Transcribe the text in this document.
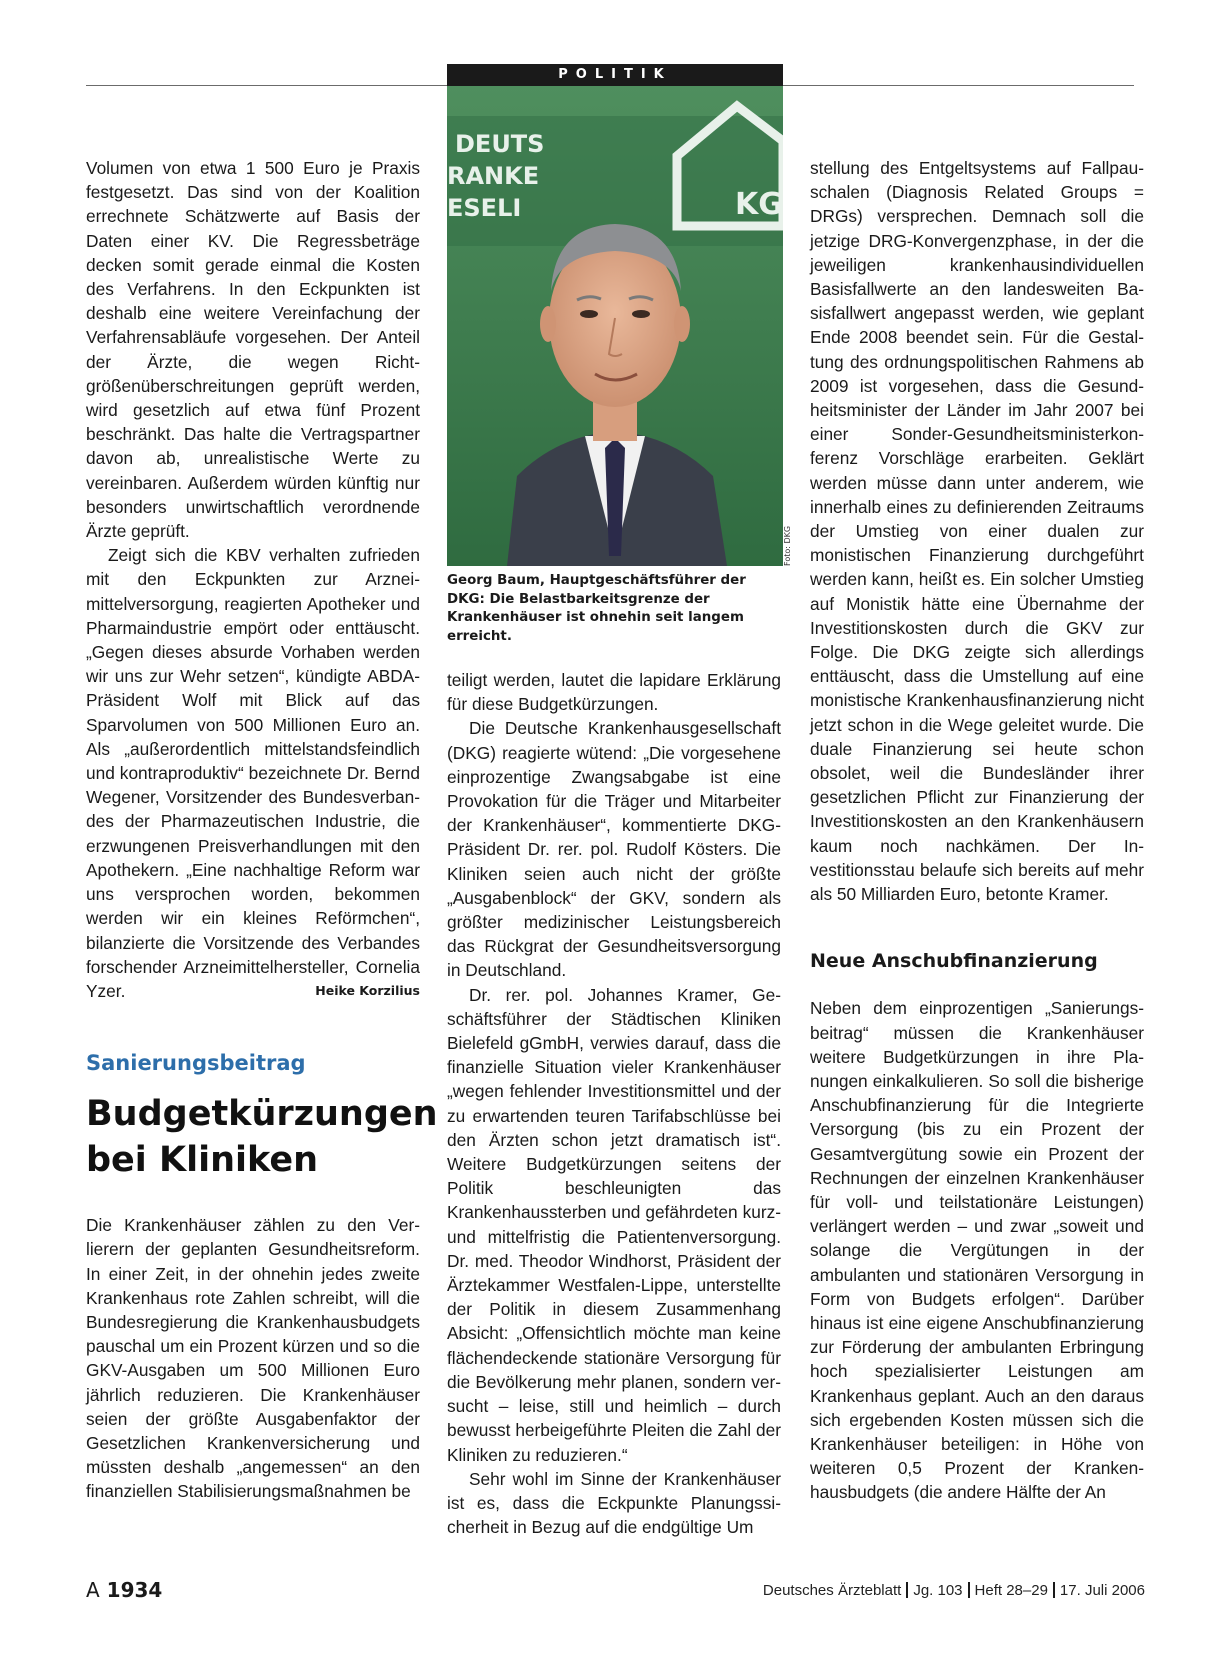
POLITIK
DEUTS
RANKE
ESELI	KG
Foto: DKG
Georg Baum, Hauptgeschäftsführer der DKG: Die Belastbarkeitsgrenze der Krankenhäuser ist ohnehin seit langem erreicht.

Volumen von etwa 1 500 Euro je Praxis festgesetzt. Das sind von der Koalition errechnete Schätzwerte auf Basis der Daten einer KV. Die Regressbeträge decken somit gerade einmal die Kosten des Verfahrens. In den Eckpunkten ist deshalb eine weitere Vereinfachung der Verfahrensabläufe vorgesehen. Der Anteil der Ärzte, die wegen Richtgrößenüberschreitungen geprüft werden, wird gesetzlich auf etwa fünf Prozent beschränkt. Das halte die Vertragspartner davon ab, unrealistische Werte zu vereinbaren. Außerdem würden künftig nur besonders unwirtschaftlich verordnende Ärzte geprüft.

Zeigt sich die KBV verhalten zufrieden mit den Eckpunkten zur Arzneimittelversorgung, reagierten Apotheker und Pharmaindustrie empört oder enttäuscht. „Gegen dieses absurde Vorhaben werden wir uns zur Wehr setzen“, kündigte ABDA-Präsident Wolf mit Blick auf das Sparvolumen von 500 Millionen Euro an. Als „außerordentlich mittelstandsfeindlich und kontraproduktiv“ bezeichnete Dr. Bernd Wegener, Vorsitzender des Bundesverbandes der Pharmazeutischen Industrie, die erzwungenen Preisverhandlungen mit den Apothekern. „Eine nachhaltige Reform war uns versprochen worden, bekommen werden wir ein kleines Reförmchen“, bilanzierte die Vorsitzende des Verbandes forschender Arzneimittelhersteller, Cornelia Yzer.	Heike Korzilius

Sanierungsbeitrag
Budgetkürzungen
bei Kliniken

Die Krankenhäuser zählen zu den Verlierern der geplanten Gesundheitsreform. In einer Zeit, in der ohnehin jedes zweite Krankenhaus rote Zahlen schreibt, will die Bundesregierung die Krankenhausbudgets pauschal um ein Prozent kürzen und so die GKV-Ausgaben um 500 Millionen Euro jährlich reduzieren. Die Krankenhäuser seien der größte Ausgabenfaktor der Gesetzlichen Krankenversicherung und müssten deshalb „angemessen“ an den finanziellen Stabilisierungsmaßnahmen be

teiligt werden, lautet die lapidare Erklärung für diese Budgetkürzungen.

Die Deutsche Krankenhausgesellschaft (DKG) reagierte wütend: „Die vorgesehene einprozentige Zwangsabgabe ist eine Provokation für die Träger und Mitarbeiter der Krankenhäuser“, kommentierte DKG-Präsident Dr. rer. pol. Rudolf Kösters. Die Kliniken seien auch nicht der größte „Ausgabenblock“ der GKV, sondern als größter medizinischer Leistungsbereich das Rückgrat der Gesundheitsversorgung in Deutschland.

Dr. rer. pol. Johannes Kramer, Geschäftsführer der Städtischen Kliniken Bielefeld gGmbH, verwies darauf, dass die finanzielle Situation vieler Krankenhäuser „wegen fehlender Investitionsmittel und der zu erwartenden teuren Tarifabschlüsse bei den Ärzten schon jetzt dramatisch ist“. Weitere Budgetkürzungen seitens der Politik beschleunigten das Krankenhaussterben und gefährdeten kurz- und mittelfristig die Patientenversorgung. Dr. med. Theodor Windhorst, Präsident der Ärztekammer Westfalen-Lippe, unterstellte der Politik in diesem Zusammenhang Absicht: „Offensichtlich möchte man keine flächendeckende stationäre Versorgung für die Bevölkerung mehr planen, sondern versucht – leise, still und heimlich – durch bewusst herbeigeführte Pleiten die Zahl der Kliniken zu reduzieren.“

Sehr wohl im Sinne der Krankenhäuser ist es, dass die Eckpunkte Planungssicherheit in Bezug auf die endgültige Um

stellung des Entgeltsystems auf Fallpauschalen (Diagnosis Related Groups = DRGs) versprechen. Demnach soll die jetzige DRG-Konvergenzphase, in der die jeweiligen krankenhausindividuellen Basisfallwerte an den landesweiten Basisfallwert angepasst werden, wie geplant Ende 2008 beendet sein. Für die Gestaltung des ordnungspolitischen Rahmens ab 2009 ist vorgesehen, dass die Gesundheitsminister der Länder im Jahr 2007 bei einer Sonder-Gesundheitsministerkonferenz Vorschläge erarbeiten. Geklärt werden müsse dann unter anderem, wie innerhalb eines zu definierenden Zeitraums der Umstieg von einer dualen zur monistischen Finanzierung durchgeführt werden kann, heißt es. Ein solcher Umstieg auf Monistik hätte eine Übernahme der Investitionskosten durch die GKV zur Folge. Die DKG zeigte sich allerdings enttäuscht, dass die Umstellung auf eine monistische Krankenhausfinanzierung nicht jetzt schon in die Wege geleitet wurde. Die duale Finanzierung sei heute schon obsolet, weil die Bundesländer ihrer gesetzlichen Pflicht zur Finanzierung der Investitionskosten an den Krankenhäusern kaum noch nachkämen. Der Investitionsstau belaufe sich bereits auf mehr als 50 Milliarden Euro, betonte Kramer.

Neue Anschubfinanzierung

Neben dem einprozentigen „Sanierungsbeitrag“ müssen die Krankenhäuser weitere Budgetkürzungen in ihre Planungen einkalkulieren. So soll die bisherige Anschubfinanzierung für die Integrierte Versorgung (bis zu ein Prozent der Gesamtvergütung sowie ein Prozent der Rechnungen der einzelnen Krankenhäuser für voll- und teilstationäre Leistungen) verlängert werden – und zwar „soweit und solange die Vergütungen in der ambulanten und stationären Versorgung in Form von Budgets erfolgen“. Darüber hinaus ist eine eigene Anschubfinanzierung zur Förderung der ambulanten Erbringung hoch spezialisierter Leistungen am Krankenhaus geplant. Auch an den daraus sich ergebenden Kosten müssen sich die Krankenhäuser beteiligen: in Höhe von weiteren 0,5 Prozent der Krankenhausbudgets (die andere Hälfte der An

A 1934	Deutsches Ärzteblatt Jg. 103 Heft 28–29 17. Juli 2006
